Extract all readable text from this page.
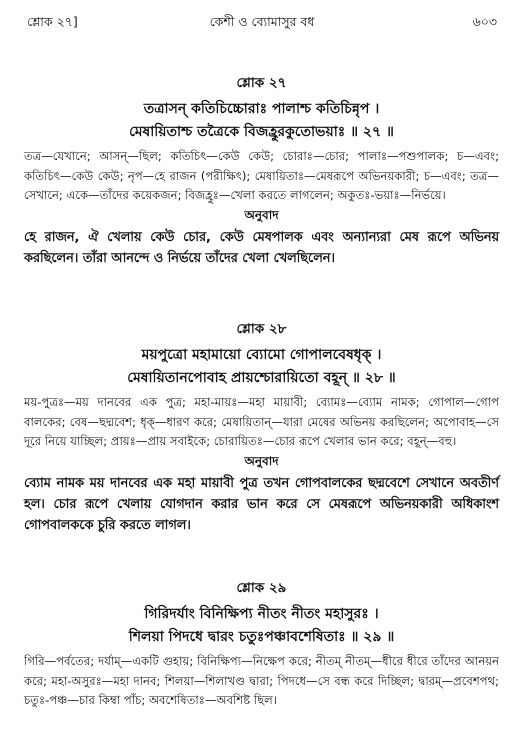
শ্লোক ২৭]	কেশী ও ব্যোমাসুর বধ	৬০৩
শ্লোক ২৭
তত্রাসন্ কতিচিচ্চোরাঃ পালাশ্চ কতিচিন্নৃপ ।
মেষায়িতাশ্চ তত্রৈকে বিজহ্রুরকুতোভয়াঃ ॥ ২৭ ॥
তত্র—যেখানে; আসন্—ছিল; কতিচিৎ—কেউ কেউ; চোরাঃ—চোর; পালাঃ—পশুপালক; চ—এবং; কতিচিৎ—কেউ কেউ; নৃপ—হে রাজন (পরীক্ষিৎ); মেষায়িতাঃ—মেষরূপে অভিনয়কারী; চ—এবং; তত্র—সেখানে; একে—তাঁদের কয়েকজন; বিজহ্রুঃ—খেলা করতে লাগলেন; অকুতঃ-ভয়াঃ—নির্ভয়ে।
অনুবাদ
হে রাজন, ঐ খেলায় কেউ চোর, কেউ মেষপালক এবং অন্যান্যরা মেষ রূপে অভিনয় করছিলেন। তাঁরা আনন্দে ও নির্ভয়ে তাঁদের খেলা খেলছিলেন।
শ্লোক ২৮
ময়পুত্রো মহামায়ো ব্যোমো গোপালবেষধৃক্ ।
মেষায়িতানপোবাহ প্রায়শ্চোরায়িতো বহূন্ ॥ ২৮ ॥
ময়-পুত্রঃ—ময় দানবের এক পুত্র; মহা-মায়ঃ—মহা মায়াবী; ব্যোমঃ—ব্যোম নামক; গোপাল—গোপ বালকের; বেষ—ছদ্মবেশ; ধৃক্—ধারণ করে; মেষায়িতান্—যারা মেষের অভিনয় করছিলেন; অপোবাহ—সে দূরে নিয়ে যাচ্ছিল; প্রায়ঃ—প্রায় সবাইকে; চোরায়িতঃ—চোর রূপে খেলার ভান করে; বহূন্—বহু।
অনুবাদ
ব্যোম নামক ময় দানবের এক মহা মায়াবী পুত্র তখন গোপবালকের ছদ্মবেশে সেখানে অবতীর্ণ হল। চোর রূপে খেলায় যোগদান করার ভান করে সে মেষরূপে অভিনয়কারী অধিকাংশ গোপবালককে চুরি করতে লাগল।
শ্লোক ২৯
গিরিদর্যাং বিনিক্ষিপ্য নীতং নীতং মহাসুরঃ ।
শিলয়া পিদধে দ্বারং চতুঃপঞ্চাবশেষিতাঃ ॥ ২৯ ॥
গিরি—পর্বতের; দর্যাম্—একটি গুহায়; বিনিক্ষিপ্য—নিক্ষেপ করে; নীতম্ নীতম্—ধীরে ধীরে তাঁদের আনয়ন করে; মহা-অসুরঃ—মহা দানব; শিলয়া—শিলাখণ্ড দ্বারা; পিদধে—সে বন্ধ করে দিচ্ছিল; দ্বারম্—প্রবেশপথ; চতুঃ-পঞ্চ—চার কিম্বা পাঁচ; অবশেষিতাঃ—অবশিষ্ট ছিল।
